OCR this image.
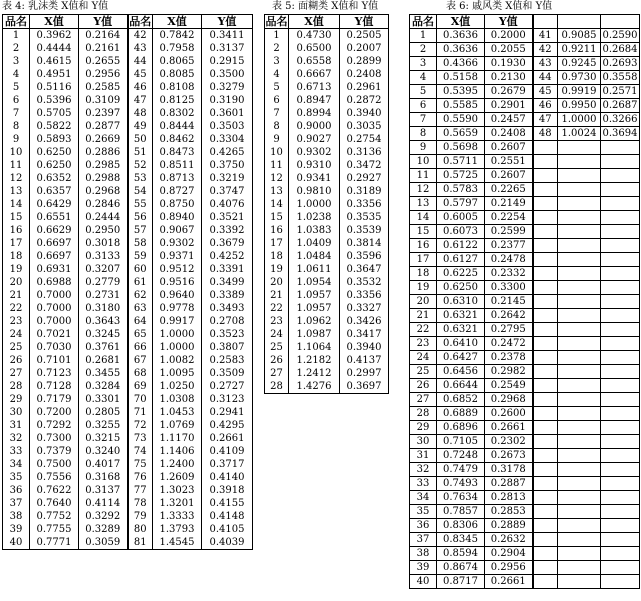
表 4: 乳沫类 X值和 Y值	表 5: 面糊类 X值和 Y值	表 6: 戚风类 X值和 Y值
品名	X值	Y值	品名	X值	Y值
1	0.3962	0.2164	42	0.7842	0.3411
2	0.4444	0.2161	43	0.7958	0.3137
3	0.4615	0.2655	44	0.8065	0.2915
4	0.4951	0.2956	45	0.8085	0.3500
5	0.5116	0.2585	46	0.8108	0.3279
6	0.5396	0.3109	47	0.8125	0.3190
7	0.5705	0.2397	48	0.8302	0.3601
8	0.5822	0.2877	49	0.8444	0.3503
9	0.5893	0.2669	50	0.8462	0.3304
10	0.6250	0.2886	51	0.8473	0.4265
11	0.6250	0.2985	52	0.8511	0.3750
12	0.6352	0.2988	53	0.8713	0.3219
13	0.6357	0.2968	54	0.8727	0.3747
14	0.6429	0.2846	55	0.8750	0.4076
15	0.6551	0.2444	56	0.8940	0.3521
16	0.6629	0.2950	57	0.9067	0.3392
17	0.6697	0.3018	58	0.9302	0.3679
18	0.6697	0.3133	59	0.9371	0.4252
19	0.6931	0.3207	60	0.9512	0.3391
20	0.6988	0.2779	61	0.9516	0.3499
21	0.7000	0.2731	62	0.9640	0.3389
22	0.7000	0.3180	63	0.9778	0.3493
23	0.7000	0.3643	64	0.9917	0.2708
24	0.7021	0.3245	65	1.0000	0.3523
25	0.7030	0.3761	66	1.0000	0.3807
26	0.7101	0.2681	67	1.0082	0.2583
27	0.7123	0.3455	68	1.0095	0.3509
28	0.7128	0.3284	69	1.0250	0.2727
29	0.7179	0.3301	70	1.0308	0.3123
30	0.7200	0.2805	71	1.0453	0.2941
31	0.7292	0.3255	72	1.0769	0.4295
32	0.7300	0.3215	73	1.1170	0.2661
33	0.7379	0.3240	74	1.1406	0.4109
34	0.7500	0.4017	75	1.2400	0.3717
35	0.7556	0.3168	76	1.2609	0.4140
36	0.7622	0.3137	77	1.3023	0.3918
37	0.7640	0.4114	78	1.3201	0.4155
38	0.7752	0.3292	79	1.3333	0.4148
39	0.7755	0.3289	80	1.3793	0.4105
40	0.7771	0.3059	81	1.4545	0.4039
品名	X值	Y值
1	0.4730	0.2505
2	0.6500	0.2007
3	0.6558	0.2899
4	0.6667	0.2408
5	0.6713	0.2961
6	0.8947	0.2872
7	0.8994	0.3940
8	0.9000	0.3035
9	0.9027	0.2754
10	0.9302	0.3136
11	0.9310	0.3472
12	0.9341	0.2927
13	0.9810	0.3189
14	1.0000	0.3356
15	1.0238	0.3535
16	1.0383	0.3539
17	1.0409	0.3814
18	1.0484	0.3596
19	1.0611	0.3647
20	1.0954	0.3532
21	1.0957	0.3356
22	1.0957	0.3327
23	1.0962	0.3426
24	1.0987	0.3417
25	1.1064	0.3940
26	1.2182	0.4137
27	1.2412	0.2997
28	1.4276	0.3697
品名	X值	Y值			
1	0.3636	0.2000	41	0.9085	0.2590
2	0.3636	0.2055	42	0.9211	0.2684
3	0.4366	0.1930	43	0.9245	0.2693
4	0.5158	0.2130	44	0.9730	0.3558
5	0.5395	0.2679	45	0.9919	0.2571
6	0.5585	0.2901	46	0.9950	0.2687
7	0.5590	0.2457	47	1.0000	0.3266
8	0.5659	0.2408	48	1.0024	0.3694
9	0.5698	0.2607			
10	0.5711	0.2551			
11	0.5725	0.2607			
12	0.5783	0.2265			
13	0.5797	0.2149			
14	0.6005	0.2254			
15	0.6073	0.2599			
16	0.6122	0.2377			
17	0.6127	0.2478			
18	0.6225	0.2332			
19	0.6250	0.3300			
20	0.6310	0.2145			
21	0.6321	0.2642			
22	0.6321	0.2795			
23	0.6410	0.2472			
24	0.6427	0.2378			
25	0.6456	0.2982			
26	0.6644	0.2549			
27	0.6852	0.2968			
28	0.6889	0.2600			
29	0.6896	0.2661			
30	0.7105	0.2302			
31	0.7248	0.2673			
32	0.7479	0.3178			
33	0.7493	0.2887			
34	0.7634	0.2813			
35	0.7857	0.2853			
36	0.8306	0.2889			
37	0.8345	0.2632			
38	0.8594	0.2904			
39	0.8674	0.2956			
40	0.8717	0.2661			
